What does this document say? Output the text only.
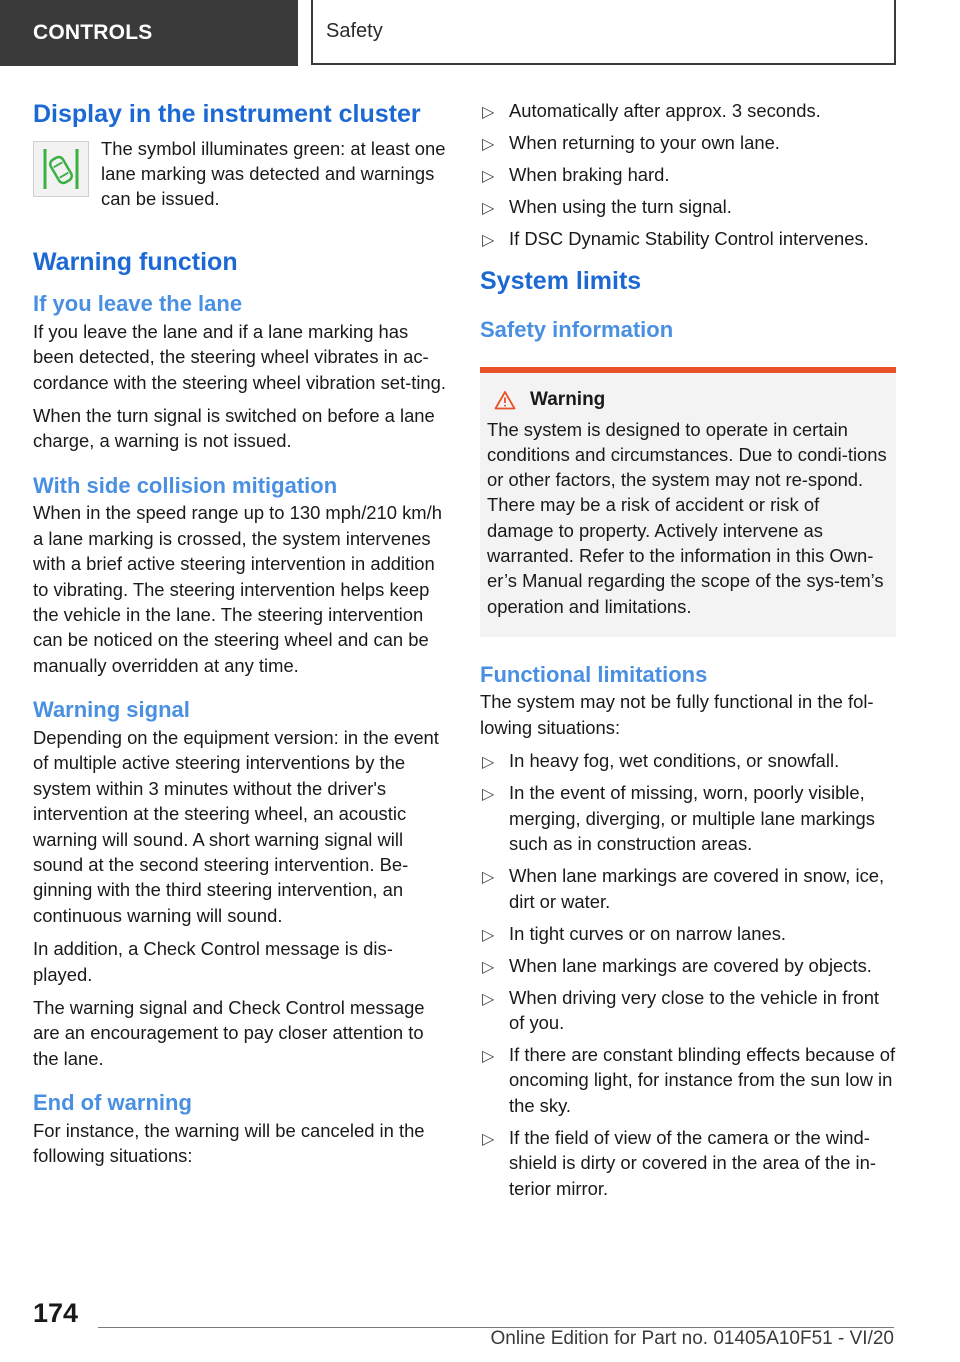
CONTROLS	Safety
Display in the instrument cluster
The symbol illuminates green: at least one lane marking was detected and warnings can be issued.
Warning function
If you leave the lane

If you leave the lane and if a lane marking has been detected, the steering wheel vibrates in ac-cordance with the steering wheel vibration set-ting.

When the turn signal is switched on before a lane charge, a warning is not issued.

With side collision mitigation

When in the speed range up to 130 mph/210 km/h a lane marking is crossed, the system intervenes with a brief active steering intervention in addition to vibrating. The steering intervention helps keep the vehicle in the lane. The steering intervention can be noticed on the steering wheel and can be manually overridden at any time.

Warning signal

Depending on the equipment version: in the event of multiple active steering interventions by the system within 3 minutes without the driver's intervention at the steering wheel, an acoustic warning will sound. A short warning signal will sound at the second steering intervention. Be-ginning with the third steering intervention, an continuous warning will sound.

In addition, a Check Control message is dis-played.

The warning signal and Check Control message are an encouragement to pay closer attention to the lane.

End of warning

For instance, the warning will be canceled in the following situations:

▷ Automatically after approx. 3 seconds.
▷ When returning to your own lane.
▷ When braking hard.
▷ When using the turn signal.
▷ If DSC Dynamic Stability Control intervenes.
System limits
Safety information
Warning

The system is designed to operate in certain conditions and circumstances. Due to condi-tions or other factors, the system may not re-spond. There may be a risk of accident or risk of damage to property. Actively intervene as warranted. Refer to the information in this Own-er’s Manual regarding the scope of the sys-tem’s operation and limitations.

Functional limitations

The system may not be fully functional in the fol-lowing situations:

▷ In heavy fog, wet conditions, or snowfall.
▷ In the event of missing, worn, poorly visible, merging, diverging, or multiple lane markings such as in construction areas.
▷ When lane markings are covered in snow, ice, dirt or water.
▷ In tight curves or on narrow lanes.
▷ When lane markings are covered by objects.
▷ When driving very close to the vehicle in front of you.
▷ If there are constant blinding effects because of oncoming light, for instance from the sun low in the sky.
▷ If the field of view of the camera or the wind-shield is dirty or covered in the area of the in-terior mirror.
174
Online Edition for Part no. 01405A10F51 - VI/20
